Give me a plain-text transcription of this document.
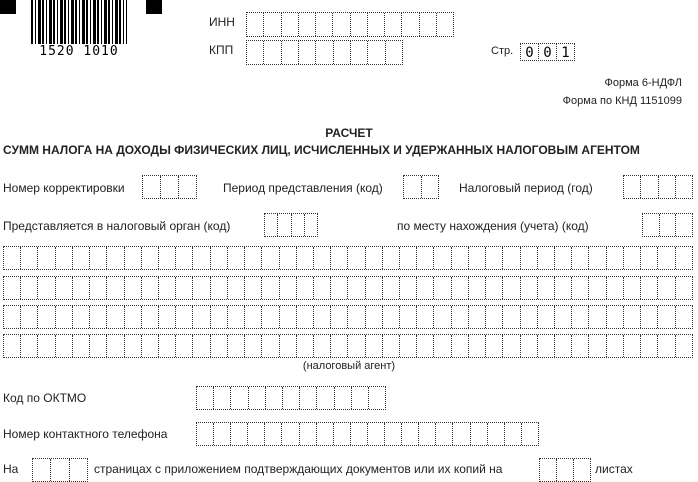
1520 1010
ИНН
КПП	Стр. 0 0 1
Форма 6-НДФЛ
Форма по КНД 1151099
РАСЧЕТ
СУММ НАЛОГА НА ДОХОДЫ ФИЗИЧЕСКИХ ЛИЦ, ИСЧИСЛЕННЫХ И УДЕРЖАННЫХ НАЛОГОВЫМ АГЕНТОМ
Номер корректировки	Период представления (код)	Налоговый период (год)
Представляется в налоговый орган (код)	по месту нахождения (учета) (код)
(налоговый агент)
Код по ОКТМО
Номер контактного телефона
На	страницах с приложением подтверждающих документов или их копий на	листах
